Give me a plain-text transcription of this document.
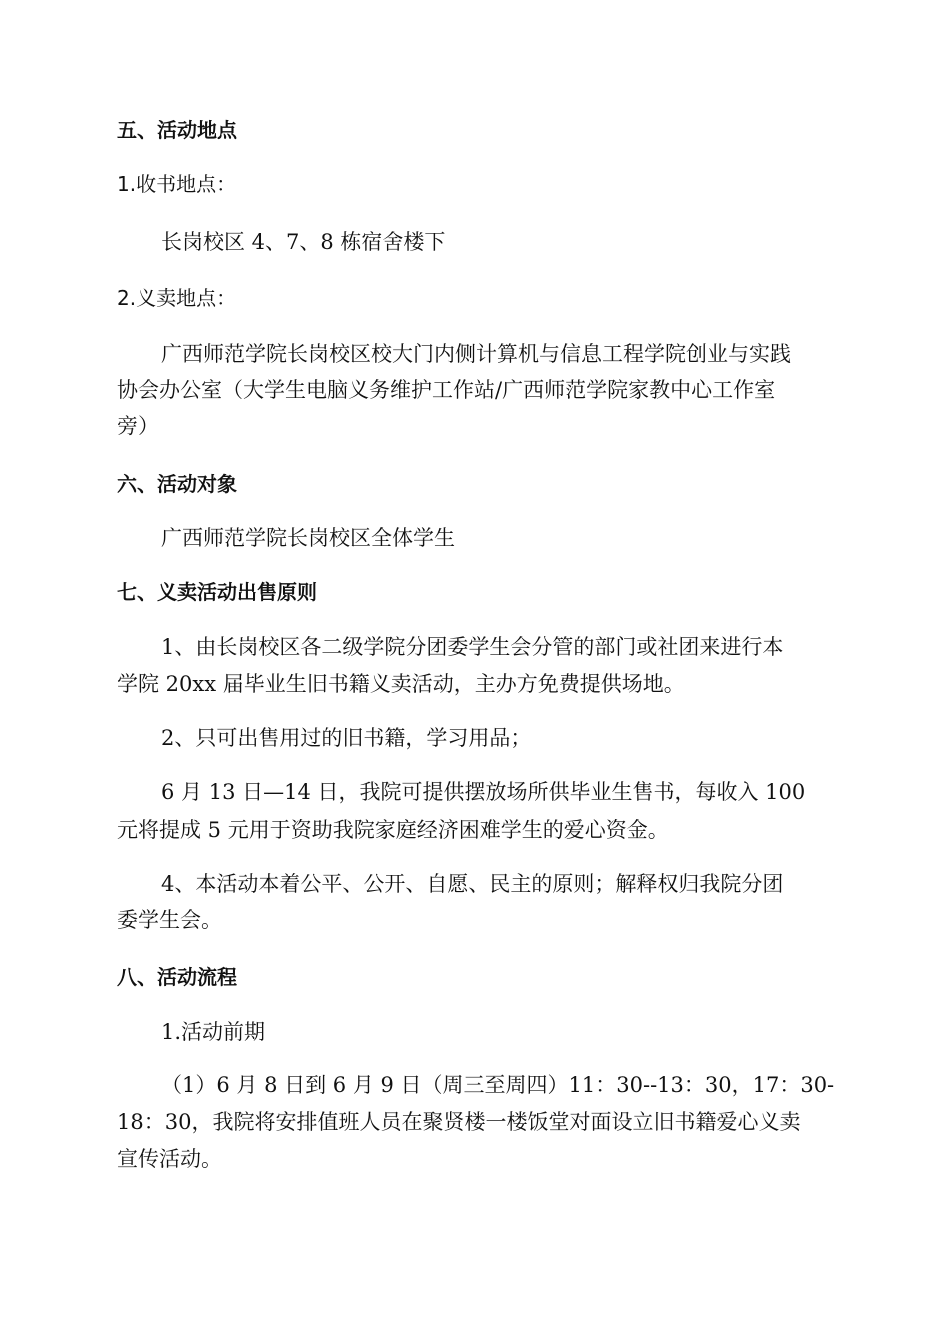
五、活动地点
1.收书地点：
长岗校区 4、7、8 栋宿舍楼下
2.义卖地点：
广西师范学院长岗校区校大门内侧计算机与信息工程学院创业与实践
协会办公室（大学生电脑义务维护工作站/广西师范学院家教中心工作室
旁）
六、活动对象
广西师范学院长岗校区全体学生
七、义卖活动出售原则
1、由长岗校区各二级学院分团委学生会分管的部门或社团来进行本
学院 20xx 届毕业生旧书籍义卖活动，主办方免费提供场地。
2、只可出售用过的旧书籍，学习用品；
6 月 13 日—14 日，我院可提供摆放场所供毕业生售书，每收入 100
元将提成 5 元用于资助我院家庭经济困难学生的爱心资金。
4、本活动本着公平、公开、自愿、民主的原则；解释权归我院分团
委学生会。
八、活动流程
1.活动前期
（1）6 月 8 日到 6 月 9 日（周三至周四）11：30--13：30，17：30-
18：30，我院将安排值班人员在聚贤楼一楼饭堂对面设立旧书籍爱心义卖
宣传活动。
